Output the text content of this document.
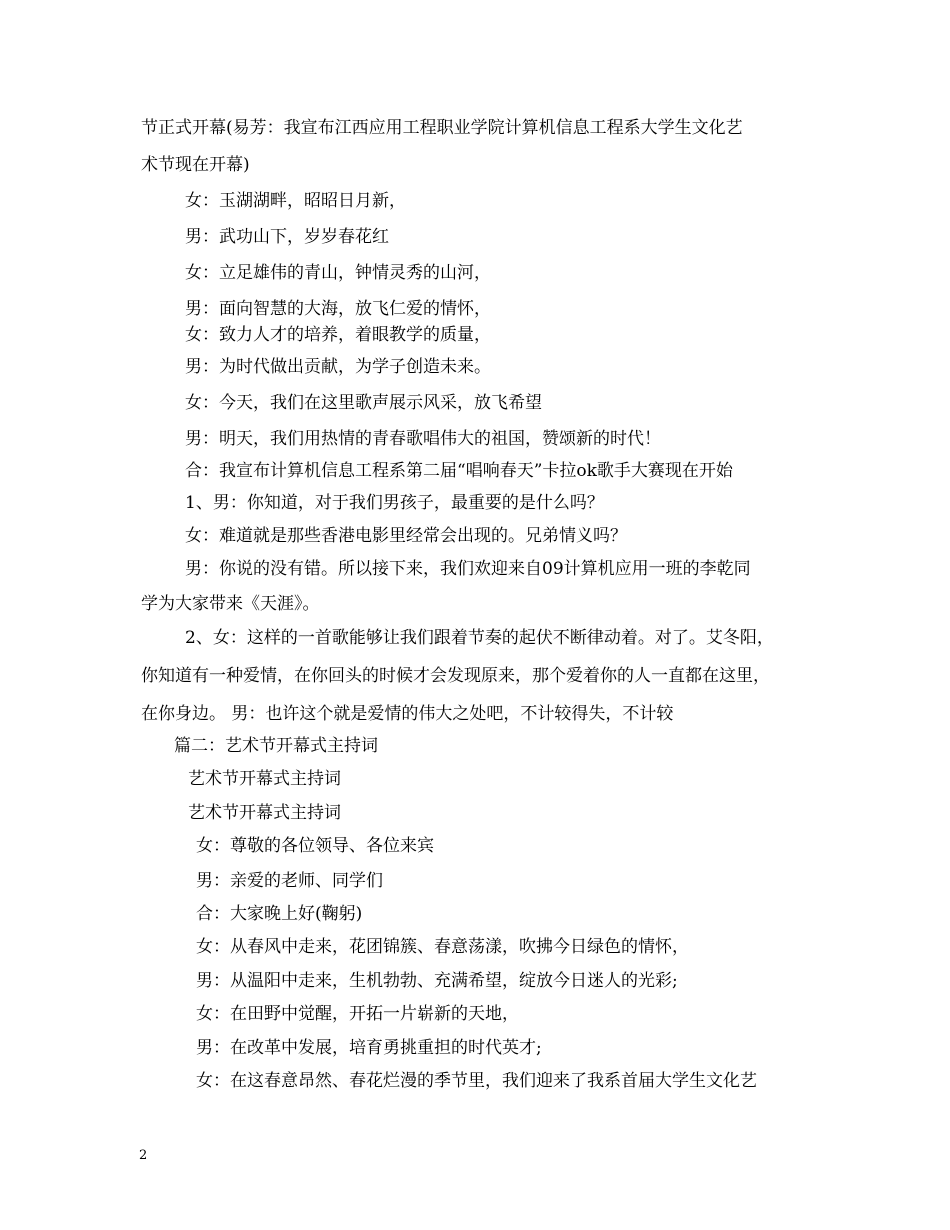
节正式开幕(易芳：我宣布江西应用工程职业学院计算机信息工程系大学生文化艺
术节现在开幕)
女：玉湖湖畔，昭昭日月新，
男：武功山下，岁岁春花红
女：立足雄伟的青山，钟情灵秀的山河，
男：面向智慧的大海，放飞仁爱的情怀，
女：致力人才的培养，着眼教学的质量，
男：为时代做出贡献，为学子创造未来。
女：今天，我们在这里歌声展示风采，放飞希望
男：明天，我们用热情的青春歌唱伟大的祖国，赞颂新的时代！
合：我宣布计算机信息工程系第二届“唱响春天”卡拉ok歌手大赛现在开始
1、男：你知道，对于我们男孩子，最重要的是什么吗？
女：难道就是那些香港电影里经常会出现的。兄弟情义吗？
男：你说的没有错。所以接下来，我们欢迎来自09计算机应用一班的李乾同
学为大家带来《天涯》。
2、女：这样的一首歌能够让我们跟着节奏的起伏不断律动着。对了。艾冬阳，
你知道有一种爱情，在你回头的时候才会发现原来，那个爱着你的人一直都在这里，
在你身边。 男：也许这个就是爱情的伟大之处吧，不计较得失，不计较
篇二：艺术节开幕式主持词
艺术节开幕式主持词
艺术节开幕式主持词
女：尊敬的各位领导、各位来宾
男：亲爱的老师、同学们
合：大家晚上好(鞠躬)
女：从春风中走来，花团锦簇、春意荡漾，吹拂今日绿色的情怀，
男：从温阳中走来，生机勃勃、充满希望，绽放今日迷人的光彩;
女：在田野中觉醒，开拓一片崭新的天地，
男：在改革中发展，培育勇挑重担的时代英才;
女：在这春意昂然、春花烂漫的季节里，我们迎来了我系首届大学生文化艺
2
